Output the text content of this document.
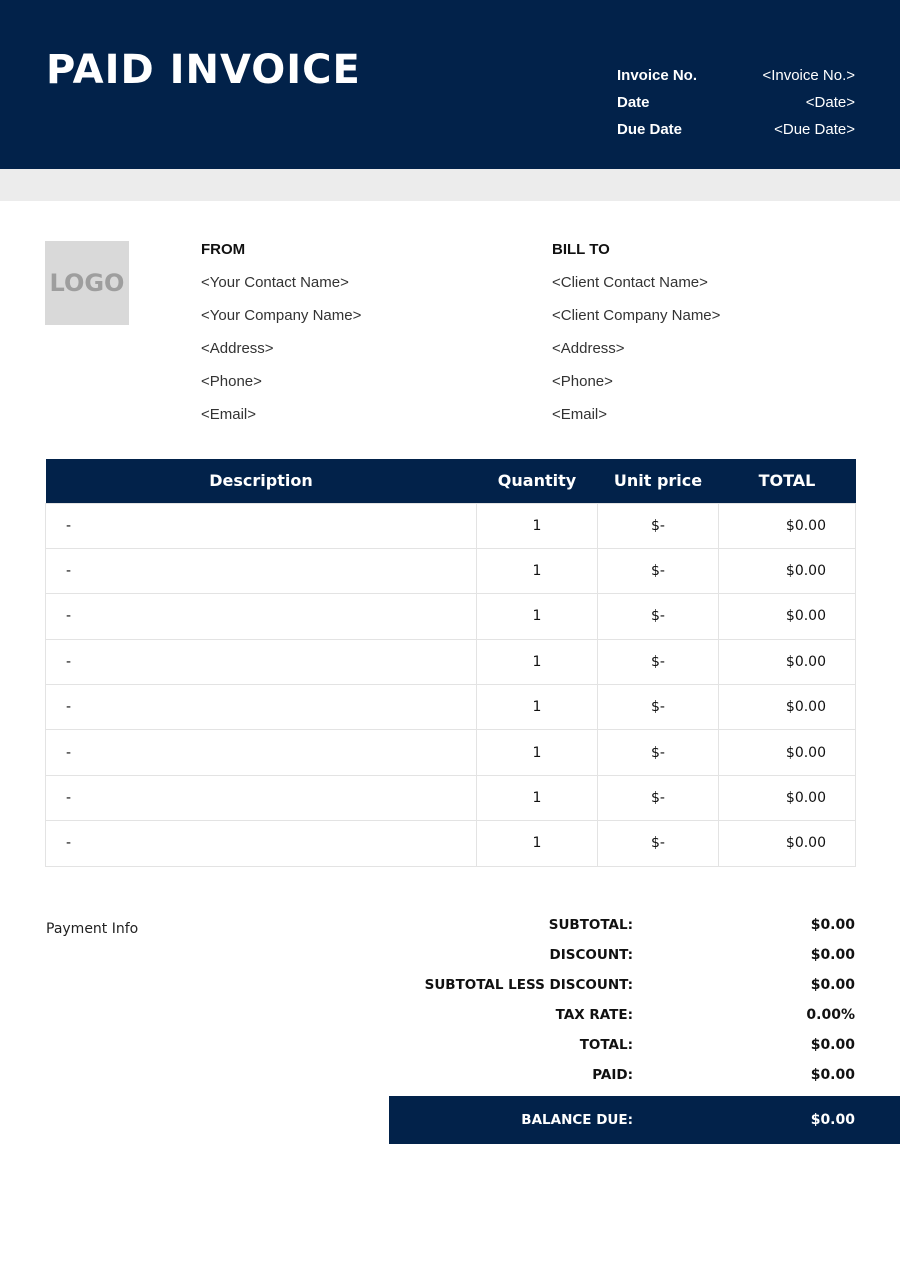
PAID INVOICE	Invoice No.	<Invoice No.>
Date	<Date>
Due Date	<Due Date>
LOGO
FROM
<Your Contact Name>
<Your Company Name>
<Address>
<Phone>
<Email>
BILL TO
<Client Contact Name>
<Client Company Name>
<Address>
<Phone>
<Email>
Description	Quantity	Unit price	TOTAL
-	1	$-	$0.00
-	1	$-	$0.00
-	1	$-	$0.00
-	1	$-	$0.00
-	1	$-	$0.00
-	1	$-	$0.00
-	1	$-	$0.00
-	1	$-	$0.00
Payment Info	SUBTOTAL:	$0.00
DISCOUNT:	$0.00
SUBTOTAL LESS DISCOUNT:	$0.00
TAX RATE:	0.00%
TOTAL:	$0.00
PAID:	$0.00
BALANCE DUE:	$0.00
